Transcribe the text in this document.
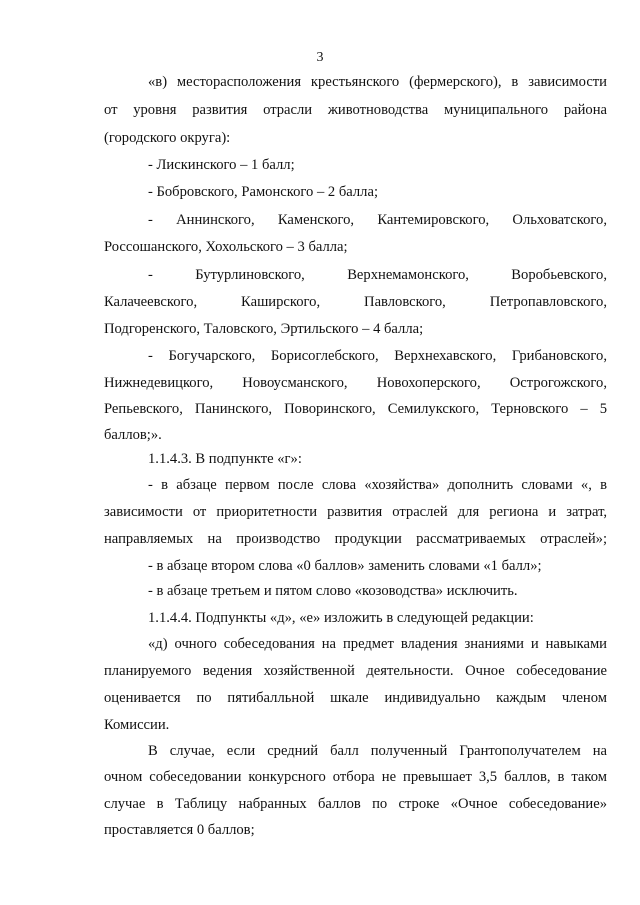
3
«в) месторасположения крестьянского (фермерского), в зависимости
от уровня развития отрасли животноводства муниципального района
(городского округа):
- Лискинского – 1 балл;
- Бобровского, Рамонского – 2 балла;
- Аннинского, Каменского, Кантемировского, Ольховатского,
Россошанского, Хохольского – 3 балла;
- Бутурлиновского, Верхнемамонского, Воробьевского,
Калачеевского, Каширского, Павловского, Петропавловского,
Подгоренского, Таловского, Эртильского – 4 балла;
- Богучарского, Борисоглебского, Верхнехавского, Грибановского,
Нижнедевицкого, Новоусманского, Новохоперского, Острогожского,
Репьевского, Панинского, Поворинского, Семилукского, Терновского – 5
баллов;».
1.1.4.3. В подпункте «г»:
- в абзаце первом после слова «хозяйства» дополнить словами «, в
зависимости от приоритетности развития отраслей для региона и затрат,
направляемых на производство продукции рассматриваемых отраслей»;
- в абзаце втором слова «0 баллов» заменить словами «1 балл»;
- в абзаце третьем и пятом слово «козоводства» исключить.
1.1.4.4. Подпункты «д», «е» изложить в следующей редакции:
«д) очного собеседования на предмет владения знаниями и навыками
планируемого ведения хозяйственной деятельности. Очное собеседование
оценивается по пятибалльной шкале индивидуально каждым членом
Комиссии.
В случае, если средний балл полученный Грантополучателем на
очном собеседовании конкурсного отбора не превышает 3,5 баллов, в таком
случае в Таблицу набранных баллов по строке «Очное собеседование»
проставляется 0 баллов;
